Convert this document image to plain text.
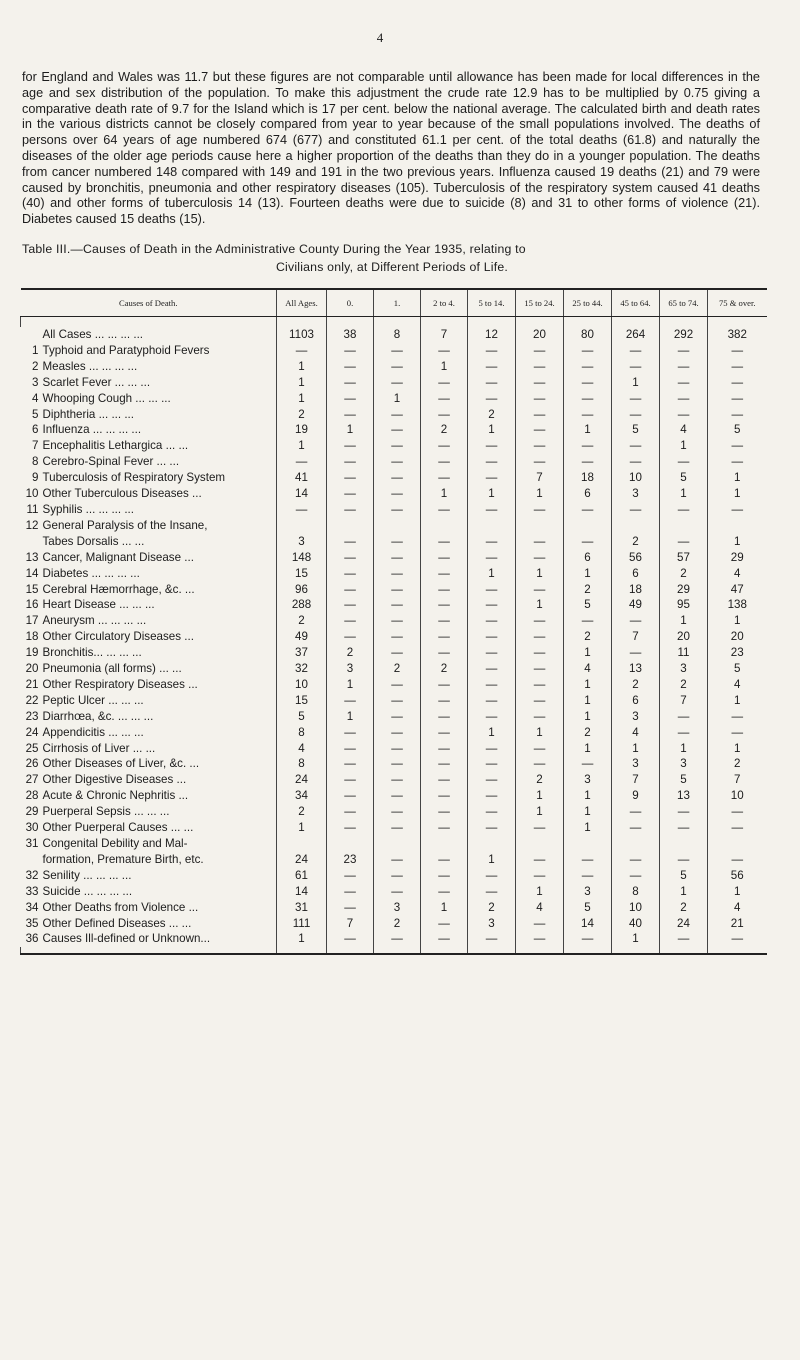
4

for England and Wales was 11.7 but these figures are not comparable until allowance has been made for local differences in the age and sex distribution of the population. To make this adjustment the crude rate 12.9 has to be multiplied by 0.75 giving a comparative death rate of 9.7 for the Island which is 17 per cent. below the national average. The calculated birth and death rates in the various districts cannot be closely compared from year to year because of the small populations involved. The deaths of persons over 64 years of age numbered 674 (677) and constituted 61.1 per cent. of the total deaths (61.8) and naturally the diseases of the older age periods cause here a higher proportion of the deaths than they do in a younger population. The deaths from cancer numbered 148 compared with 149 and 191 in the two previous years. Influenza caused 19 deaths (21) and 79 were caused by bronchitis, pneumonia and other respiratory diseases (105). Tuberculosis of the respiratory system caused 41 deaths (40) and other forms of tuberculosis 14 (13). Fourteen deaths were due to suicide (8) and 31 to other forms of violence (21). Diabetes caused 15 deaths (15).

Table III.—Causes of Death in the Administrative County During the Year 1935, relating to
Civilians only, at Different Periods of Life.
Causes of Death.	All Ages.	0.	1.	2 to 4.	5 to 14.	15 to 24.	25 to 44.	45 to 64.	65 to 74.	75 & over.

All Cases ... ... ... ...	1103	38	8	7	12	20	80	264	292	382
1 Typhoid and Paratyphoid Fevers	—	—	—	—	—	—	—	—	—	—
2 Measles ... ... ... ...	1	—	—	1	—	—	—	—	—	—
3 Scarlet Fever ... ... ...	1	—	—	—	—	—	—	1	—	—
4 Whooping Cough ... ... ...	1	—	1	—	—	—	—	—	—	—
5 Diphtheria ... ... ...	2	—	—	—	2	—	—	—	—	—
6 Influenza ... ... ... ...	19	1	—	2	1	—	1	5	4	5
7 Encephalitis Lethargica ... ...	1	—	—	—	—	—	—	—	1	—
8 Cerebro-Spinal Fever ... ...	—	—	—	—	—	—	—	—	—	—
9 Tuberculosis of Respiratory System	41	—	—	—	—	7	18	10	5	1
10 Other Tuberculous Diseases ...	14	—	—	1	1	1	6	3	1	1
11 Syphilis ... ... ... ...	—	—	—	—	—	—	—	—	—	—
12 General Paralysis of the Insane,
Tabes Dorsalis ... ...	3	—	—	—	—	—	—	2	—	1
13 Cancer, Malignant Disease ...	148	—	—	—	—	—	6	56	57	29
14 Diabetes ... ... ... ...	15	—	—	—	1	1	1	6	2	4
15 Cerebral Hæmorrhage, &c. ...	96	—	—	—	—	—	2	18	29	47
16 Heart Disease ... ... ...	288	—	—	—	—	1	5	49	95	138
17 Aneurysm ... ... ... ...	2	—	—	—	—	—	—	—	1	1
18 Other Circulatory Diseases ...	49	—	—	—	—	—	2	7	20	20
19 Bronchitis... ... ... ...	37	2	—	—	—	—	1	—	11	23
20 Pneumonia (all forms) ... ...	32	3	2	2	—	—	4	13	3	5
21 Other Respiratory Diseases ...	10	1	—	—	—	—	1	2	2	4
22 Peptic Ulcer ... ... ...	15	—	—	—	—	—	1	6	7	1
23 Diarrhœa, &c. ... ... ...	5	1	—	—	—	—	1	3	—	—
24 Appendicitis ... ... ...	8	—	—	—	1	1	2	4	—	—
25 Cirrhosis of Liver ... ...	4	—	—	—	—	—	1	1	1	1
26 Other Diseases of Liver, &c. ...	8	—	—	—	—	—	—	3	3	2
27 Other Digestive Diseases ...	24	—	—	—	—	2	3	7	5	7
28 Acute & Chronic Nephritis ...	34	—	—	—	—	1	1	9	13	10
29 Puerperal Sepsis ... ... ...	2	—	—	—	—	1	1	—	—	—
30 Other Puerperal Causes ... ...	1	—	—	—	—	—	1	—	—	—
31 Congenital Debility and Mal-
formation, Premature Birth, etc.	24	23	—	—	1	—	—	—	—	—
32 Senility ... ... ... ...	61	—	—	—	—	—	—	—	5	56
33 Suicide ... ... ... ...	14	—	—	—	—	1	3	8	1	1
34 Other Deaths from Violence ...	31	—	3	1	2	4	5	10	2	4
35 Other Defined Diseases ... ...	111	7	2	—	3	—	14	40	24	21
36 Causes Ill-defined or Unknown...	1	—	—	—	—	—	—	1	—	—
